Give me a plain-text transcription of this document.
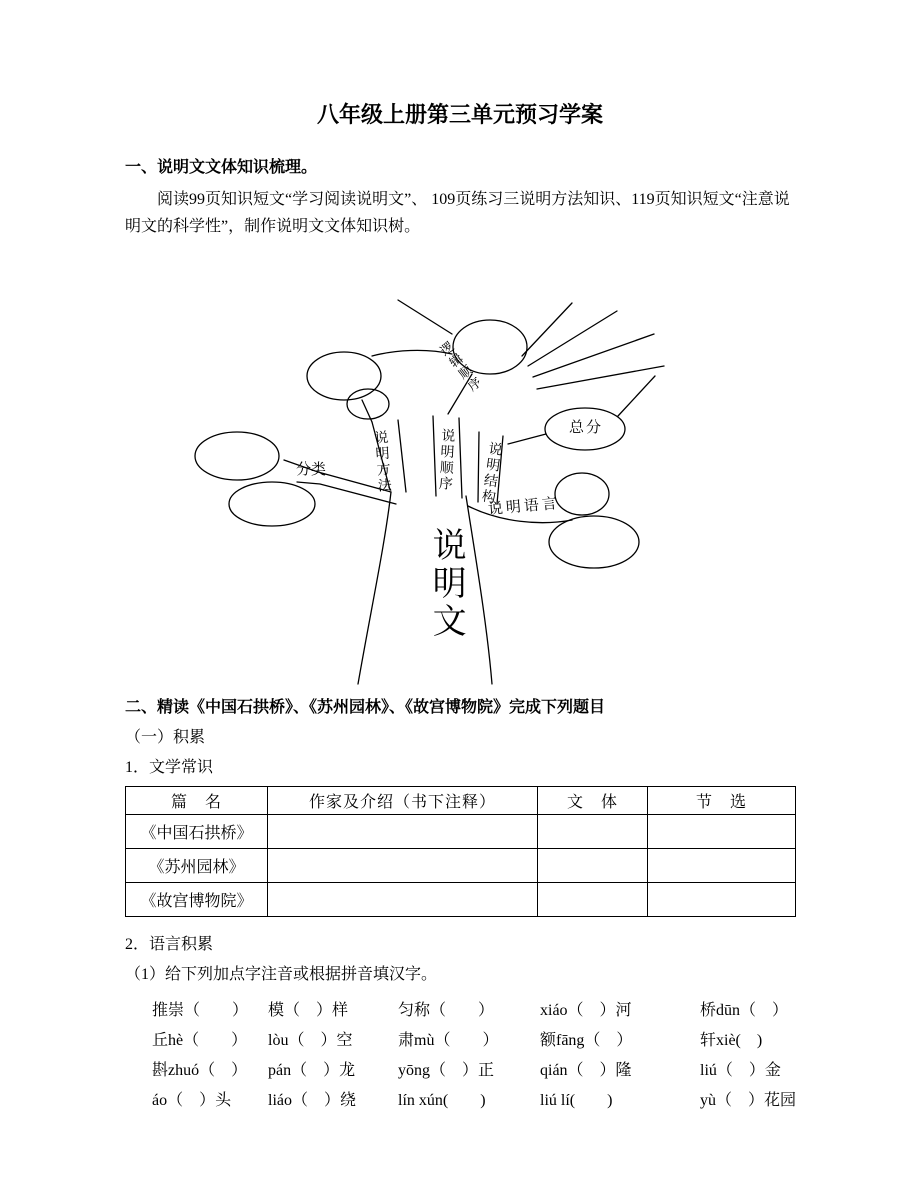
八年级上册第三单元预习学案
一、说明文文体知识梳理。

阅读99页知识短文“学习阅读说明文”、 109页练习三说明方法知识、119页知识短文“注意说明文的科学性”，制作说明文文体知识树。

逻辑顺序
总分
说明方法	说明顺序 说明结构
分类
说明语言
说明文
二、精读《中国石拱桥》、《苏州园林》、《故宫博物院》完成下列题目
（一）积累
1．文学常识
篇　名	作家及介绍（书下注释）	文　体	节　选
《中国石拱桥》			
《苏州园林》			
《故宫博物院》			
2．语言积累
（1）给下列加点字注音或根据拼音填汉字。
推崇（　　）	模（　）样	匀称（　　）	xiáo（　）河	桥dūn（　）
丘hè（　　）	lòu（　）空	肃mù（　　）	额fāng（　）	轩xiè(　)
斟zhuó（　）	pán（　）龙	yōng（　）正	qián（　）隆	liú（　）金
áo（　）头	liáo（　）绕	lín xún(　　)	liú lí(　　)	yù（　）花园
